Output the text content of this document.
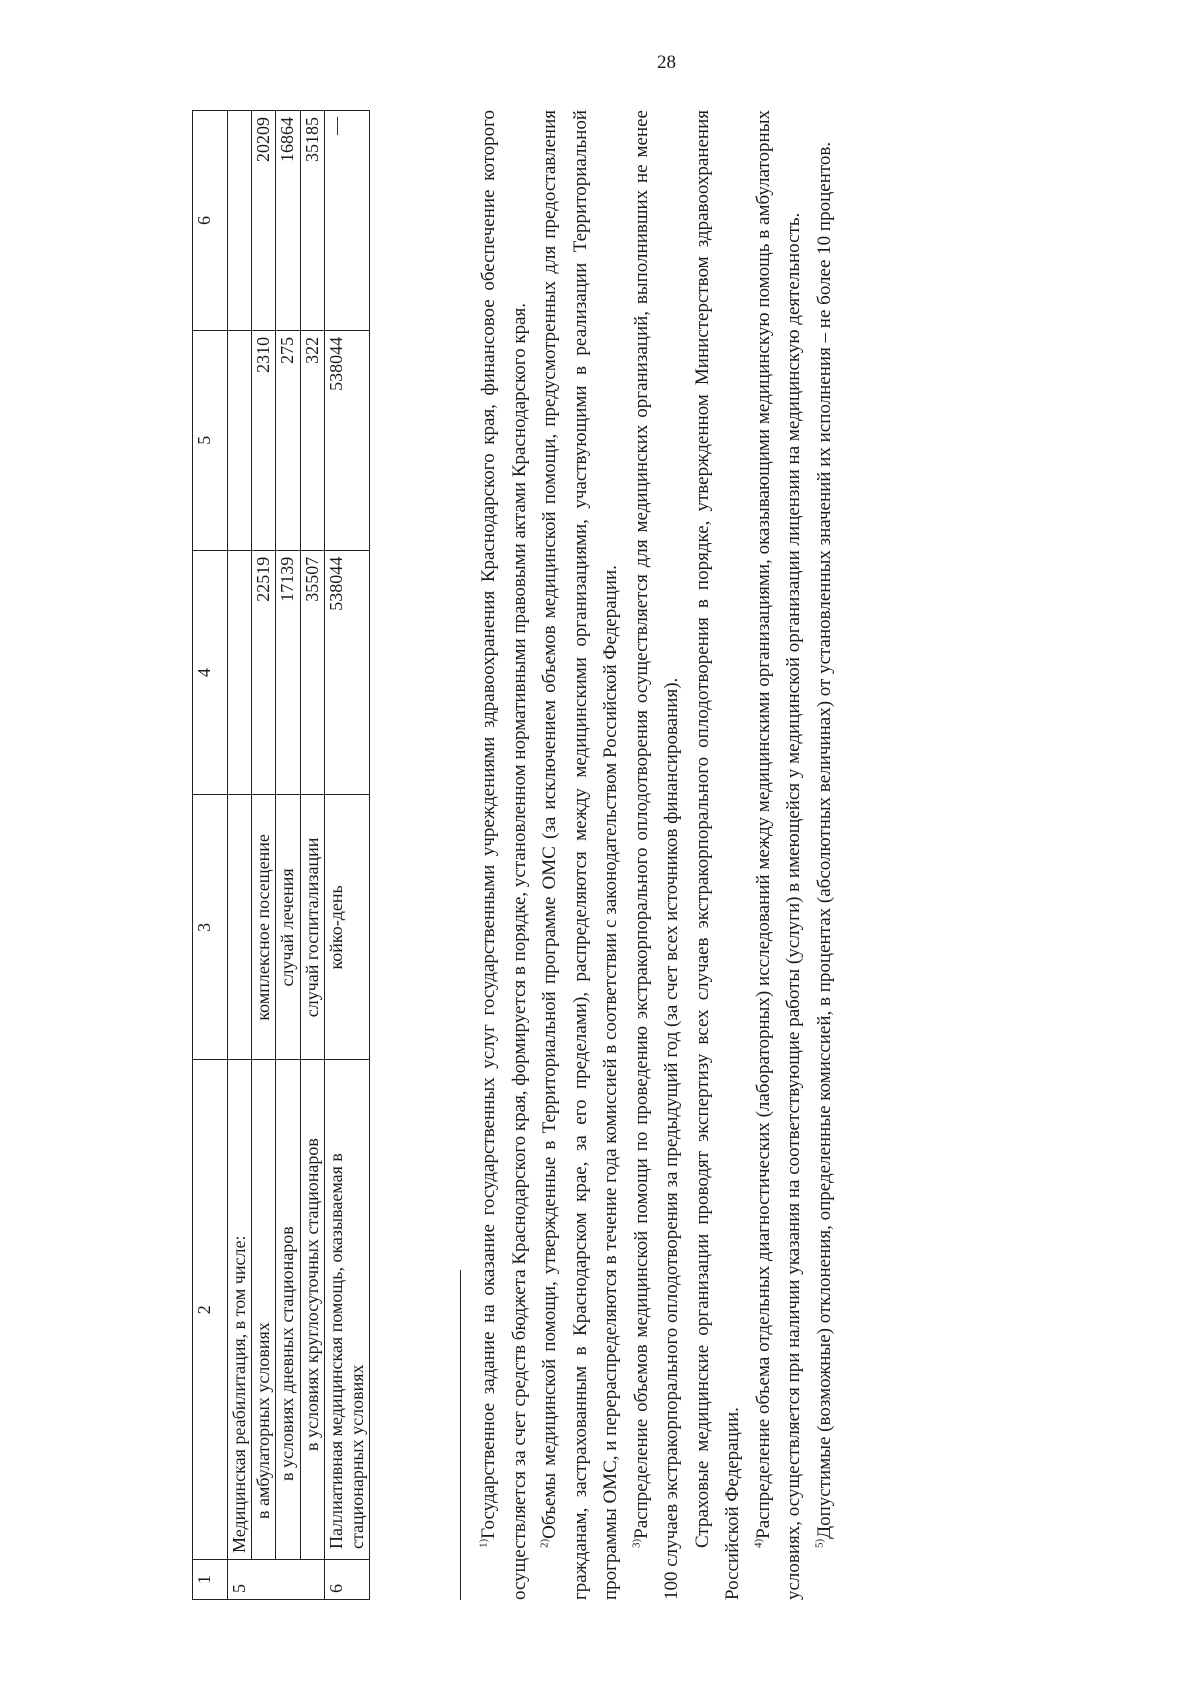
28
1	2	3	4	5	6
5	Медицинская реабилитация, в том числе:				
	в амбулаторных условиях	комплексное посещение	22519	2310	20209
	в условиях дневных стационаров	случай лечения	17139	275	16864
	в условиях круглосуточных стационаров	случай госпитализации	35507	322	35185
6	Паллиативная медицинская помощь, оказываемая в стационарных условиях	койко-день	538044	538044	—

$^{1)}$Государственное задание на оказание государственных услуг государственными учреждениями здравоохранения Краснодарского края, финансовое обеспечение которого осуществляется за счет средств бюджета Краснодарского края, формируется в порядке, установленном нормативными правовыми актами Краснодарского края. $^{2)}$Объемы медицинской помощи, утвержденные в Территориальной программе ОМС (за исключением объемов медицинской помощи, предусмотренных для предоставления гражданам, застрахованным в Краснодарском крае, за его пределами), распределяются между медицинскими организациями, участвующими в реализации Территориальной программы ОМС, и перераспределяются в течение года комиссией в соответствии с законодательством Российской Федерации. $^{3)}$Распределение объемов медицинской помощи по проведению экстракорпорального оплодотворения осуществляется для медицинских организаций, выполнивших не менее 100 случаев экстракорпорального оплодотворения за предыдущий год (за счет всех источников финансирования). Страховые медицинские организации проводят экспертизу всех случаев экстракорпорального оплодотворения в порядке, утвержденном Министерством здравоохранения Российской Федерации. $^{4)}$Распределение объема отдельных диагностических (лабораторных) исследований между медицинскими организациями, оказывающими медицинскую помощь в амбулаторных условиях, осуществляется при наличии указания на соответствующие работы (услуги) в имеющейся у медицинской организации лицензии на медицинскую деятельность. $^{5)}$Допустимые (возможные) отклонения, определенные комиссией, в процентах (абсолютных величинах) от установленных значений их исполнения – не более 10 процентов.
